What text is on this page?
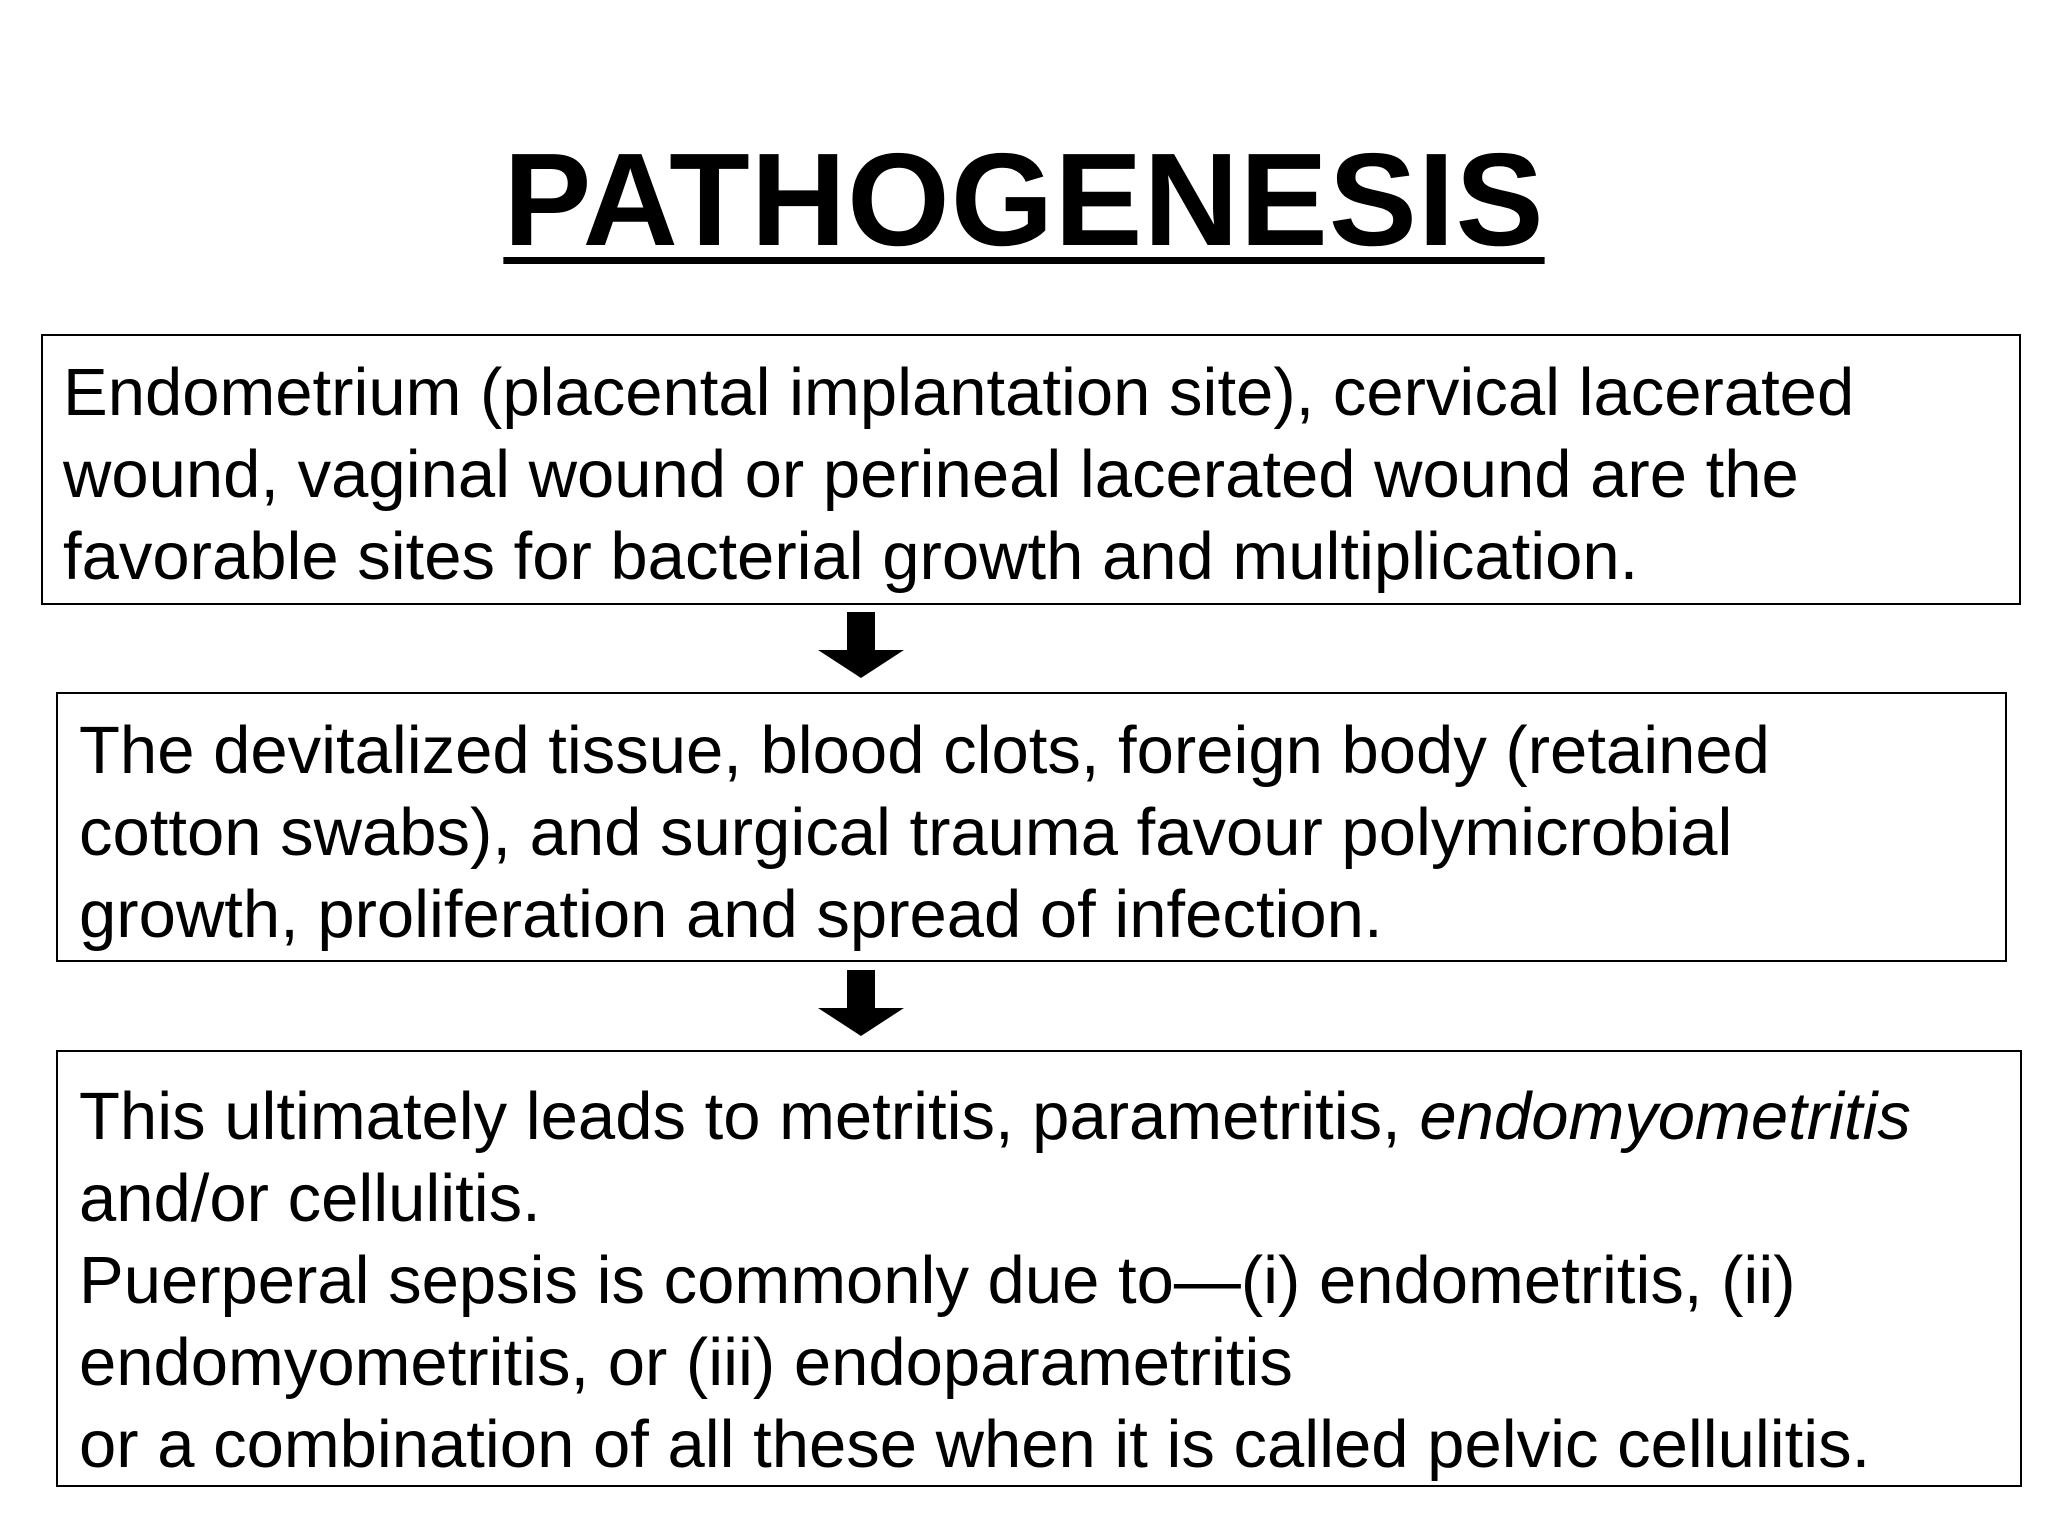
PATHOGENESIS

Endometrium (placental implantation site), cervical lacerated
wound, vaginal wound or perineal lacerated wound are the
favorable sites for bacterial growth and multiplication.

The devitalized tissue, blood clots, foreign body (retained
cotton swabs), and surgical trauma favour polymicrobial
growth, proliferation and spread of infection.

This ultimately leads to metritis, parametritis, endomyometritis
and/or cellulitis.
Puerperal sepsis is commonly due to—(i) endometritis, (ii)
endomyometritis, or (iii) endoparametritis
or a combination of all these when it is called pelvic cellulitis.
